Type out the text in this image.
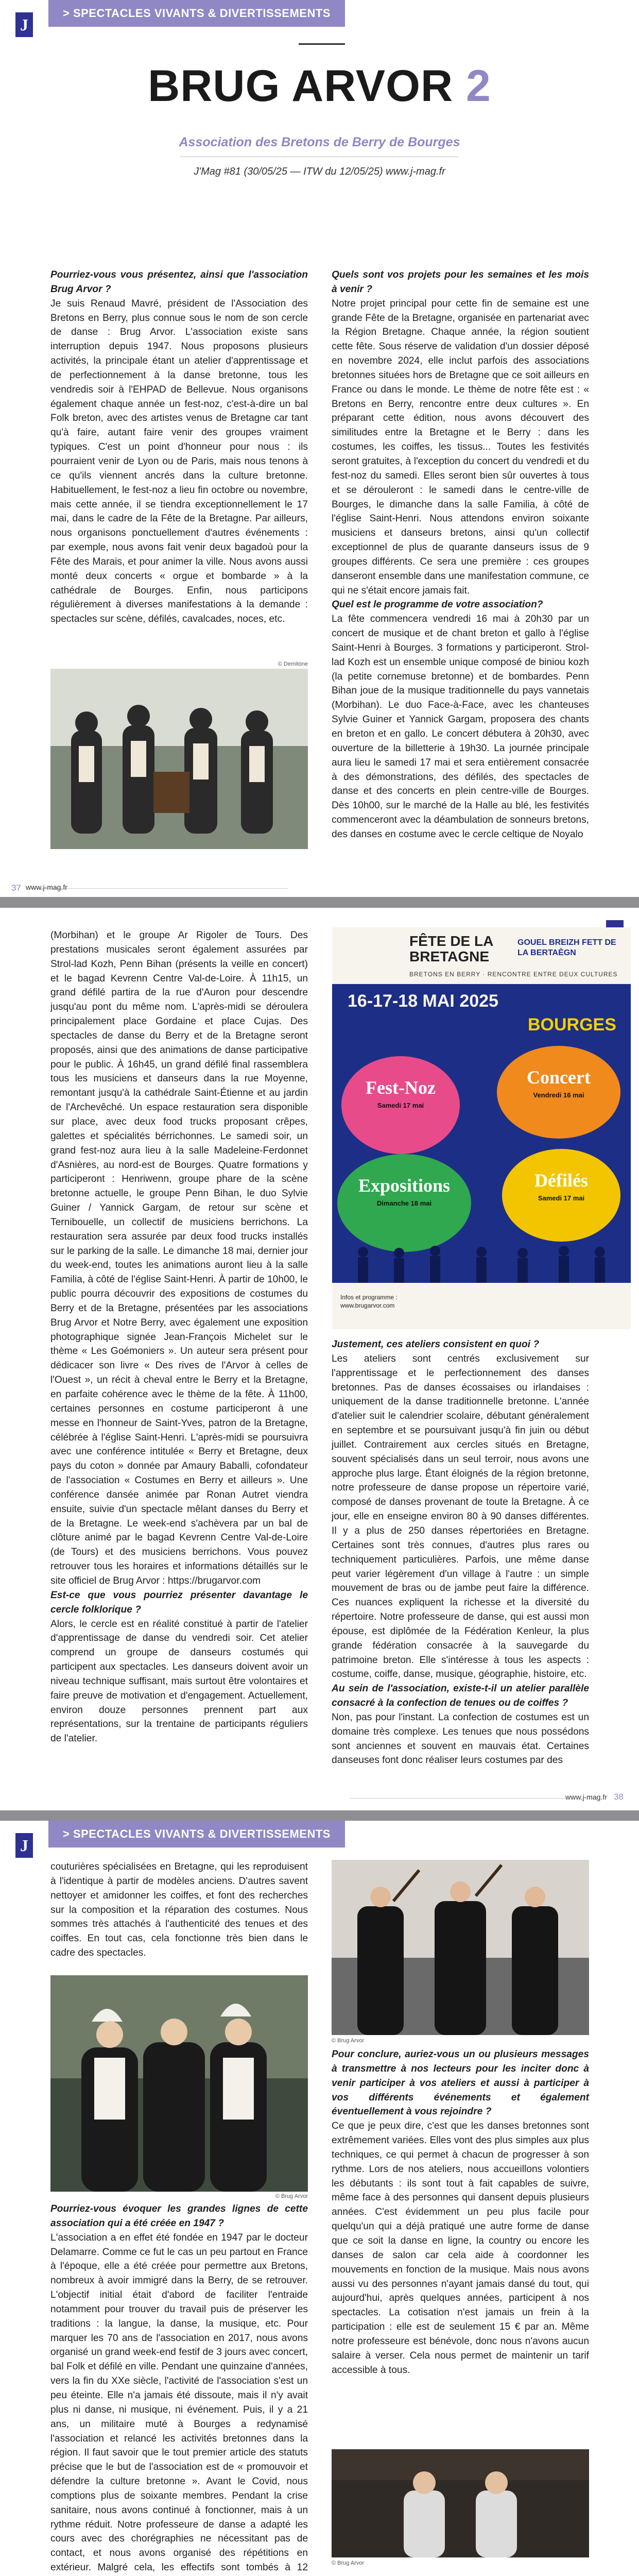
> SPECTACLES VIVANTS & DIVERTISSEMENTS
J
BRUG ARVOR 2
Association des Bretons de Berry de Bourges
J'Mag #81 (30/05/25 — ITW du 12/05/25) www.j-mag.fr

Pourriez-vous vous présentez, ainsi que l'association Brug Arvor ?

Je suis Renaud Mavré, président de l'Association des Bretons en Berry, plus connue sous le nom de son cercle de danse : Brug Arvor. L'association existe sans interruption depuis 1947. Nous proposons plusieurs activités, la principale étant un atelier d'apprentissage et de perfectionnement à la danse bretonne, tous les vendredis soir à l'EHPAD de Bellevue. Nous organisons également chaque année un fest-noz, c'est-à-dire un bal Folk breton, avec des artistes venus de Bretagne car tant qu'à faire, autant faire venir des groupes vraiment typiques. C'est un point d'honneur pour nous : ils pourraient venir de Lyon ou de Paris, mais nous tenons à ce qu'ils viennent ancrés dans la culture bretonne. Habituellement, le fest-noz a lieu fin octobre ou novembre, mais cette année, il se tiendra exceptionnellement le 17 mai, dans le cadre de la Fête de la Bretagne. Par ailleurs, nous organisons ponctuellement d'autres événements : par exemple, nous avons fait venir deux bagadoù pour la Fête des Marais, et pour animer la ville. Nous avons aussi monté deux concerts « orgue et bombarde » à la cathédrale de Bourges. Enfin, nous participons régulièrement à diverses manifestations à la demande : spectacles sur scène, défilés, cavalcades, noces, etc.

© Demitone

Quels sont vos projets pour les semaines et les mois à venir ?

Notre projet principal pour cette fin de semaine est une grande Fête de la Bretagne, organisée en partenariat avec la Région Bretagne. Chaque année, la région soutient cette fête. Sous réserve de validation d'un dossier déposé en novembre 2024, elle inclut parfois des associations bretonnes situées hors de Bretagne que ce soit ailleurs en France ou dans le monde. Le thème de notre fête est : « Bretons en Berry, rencontre entre deux cultures ». En préparant cette édition, nous avons découvert des similitudes entre la Bretagne et le Berry : dans les costumes, les coiffes, les tissus... Toutes les festivités seront gratuites, à l'exception du concert du vendredi et du fest-noz du samedi. Elles seront bien sûr ouvertes à tous et se dérouleront : le samedi dans le centre-ville de Bourges, le dimanche dans la salle Familia, à côté de l'église Saint-Henri. Nous attendons environ soixante musiciens et danseurs bretons, ainsi qu'un collectif exceptionnel de plus de quarante danseurs issus de 9 groupes différents. Ce sera une première : ces groupes danseront ensemble dans une manifestation commune, ce qui ne s'était encore jamais fait.

Quel est le programme de votre association?

La fête commencera vendredi 16 mai à 20h30 par un concert de musique et de chant breton et gallo à l'église Saint-Henri à Bourges. 3 formations y participeront. Strol-lad Kozh est un ensemble unique composé de biniou kozh (la petite cornemuse bretonne) et de bombardes. Penn Bihan joue de la musique traditionnelle du pays vannetais (Morbihan). Le duo Face-à-Face, avec les chanteuses Sylvie Guiner et Yannick Gargam, proposera des chants en breton et en gallo. Le concert débutera à 20h30, avec ouverture de la billetterie à 19h30. La journée principale aura lieu le samedi 17 mai et sera entièrement consacrée à des démonstrations, des défilés, des spectacles de danse et des concerts en plein centre-ville de Bourges. Dès 10h00, sur le marché de la Halle au blé, les festivités commenceront avec la déambulation de sonneurs bretons, des danses en costume avec le cercle celtique de Noyalo

37 www.j-mag.fr

(Morbihan) et le groupe Ar Rigoler de Tours. Des prestations musicales seront également assurées par Strol-lad Kozh, Penn Bihan (présents la veille en concert) et le bagad Kevrenn Centre Val-de-Loire. À 11h15, un grand défilé partira de la rue d'Auron pour descendre jusqu'au pont du même nom. L'après-midi se déroulera principalement place Gordaine et place Cujas. Des spectacles de danse du Berry et de la Bretagne seront proposés, ainsi que des animations de danse participative pour le public. À 16h45, un grand défilé final rassemblera tous les musiciens et danseurs dans la rue Moyenne, remontant jusqu'à la cathédrale Saint-Étienne et au jardin de l'Archevêché. Un espace restauration sera disponible sur place, avec deux food trucks proposant crêpes, galettes et spécialités bérrichonnes. Le samedi soir, un grand fest-noz aura lieu à la salle Madeleine-Ferdonnet d'Asnières, au nord-est de Bourges. Quatre formations y participeront : Henriwenn, groupe phare de la scène bretonne actuelle, le groupe Penn Bihan, le duo Sylvie Guiner / Yannick Gargam, de retour sur scène et Ternibouelle, un collectif de musiciens berrichons. La restauration sera assurée par deux food trucks installés sur le parking de la salle. Le dimanche 18 mai, dernier jour du week-end, toutes les animations auront lieu à la salle Familia, à côté de l'église Saint-Henri. À partir de 10h00, le public pourra découvrir des expositions de costumes du Berry et de la Bretagne, présentées par les associations Brug Arvor et Notre Berry, avec également une exposition photographique signée Jean-François Michelet sur le thème « Les Goémoniers ». Un auteur sera présent pour dédicacer son livre « Des rives de l'Arvor à celles de l'Ouest », un récit à cheval entre le Berry et la Bretagne, en parfaite cohérence avec le thème de la fête. À 11h00, certaines personnes en costume participeront à une messe en l'honneur de Saint-Yves, patron de la Bretagne, célébrée à l'église Saint-Henri. L'après-midi se poursuivra avec une conférence intitulée « Berry et Bretagne, deux pays du coton » donnée par Amaury Baballi, cofondateur de l'association « Costumes en Berry et ailleurs ». Une conférence dansée animée par Ronan Autret viendra ensuite, suivie d'un spectacle mêlant danses du Berry et de la Bretagne. Le week-end s'achèvera par un bal de clôture animé par le bagad Kevrenn Centre Val-de-Loire (de Tours) et des musiciens berrichons. Vous pouvez retrouver tous les horaires et informations détaillés sur le site officiel de Brug Arvor : https://brugarvor.com

Est-ce que vous pourriez présenter davantage le cercle folklorique ?

Alors, le cercle est en réalité constitué à partir de l'atelier d'apprentissage de danse du vendredi soir. Cet atelier comprend un groupe de danseurs costumés qui participent aux spectacles. Les danseurs doivent avoir un niveau technique suffisant, mais surtout être volontaires et faire preuve de motivation et d'engagement. Actuellement, environ douze personnes prennent part aux représentations, sur la trentaine de participants réguliers de l'atelier.

FÊTE DE LA BRETAGNE
GOUEL BREIZH FETT DE LA BERTAÈGN
BRETONS EN BERRY · RENCONTRE ENTRE DEUX CULTURES
16-17-18 MAI 2025
BOURGES
Fest-Noz
Samedi 17 mai
Concert
Vendredi 16 mai
Expositions
Dimanche 18 mai
Défilés
Samedi 17 mai
Infos et programme : www.brugarvor.com

Justement, ces ateliers consistent en quoi ?

Les ateliers sont centrés exclusivement sur l'apprentissage et le perfectionnement des danses bretonnes. Pas de danses écossaises ou irlandaises : uniquement de la danse traditionnelle bretonne. L'année d'atelier suit le calendrier scolaire, débutant généralement en septembre et se poursuivant jusqu'à fin juin ou début juillet. Contrairement aux cercles situés en Bretagne, souvent spécialisés dans un seul terroir, nous avons une approche plus large. Étant éloignés de la région bretonne, notre professeure de danse propose un répertoire varié, composé de danses provenant de toute la Bretagne. À ce jour, elle en enseigne environ 80 à 90 danses différentes. Il y a plus de 250 danses répertoriées en Bretagne. Certaines sont très connues, d'autres plus rares ou techniquement particulières. Parfois, une même danse peut varier légèrement d'un village à l'autre : un simple mouvement de bras ou de jambe peut faire la différence. Ces nuances expliquent la richesse et la diversité du répertoire. Notre professeure de danse, qui est aussi mon épouse, est diplômée de la Fédération Kenleur, la plus grande fédération consacrée à la sauvegarde du patrimoine breton. Elle s'intéresse à tous les aspects : costume, coiffe, danse, musique, géographie, histoire, etc.

Au sein de l'association, existe-t-il un atelier parallèle consacré à la confection de tenues ou de coiffes ?

Non, pas pour l'instant. La confection de costumes est un domaine très complexe. Les tenues que nous possédons sont anciennes et souvent en mauvais état. Certaines danseuses font donc réaliser leurs costumes par des

www.j-mag.fr 38
> SPECTACLES VIVANTS & DIVERTISSEMENTS
J

couturières spécialisées en Bretagne, qui les reproduisent à l'identique à partir de modèles anciens. D'autres savent nettoyer et amidonner les coiffes, et font des recherches sur la composition et la réparation des costumes. Nous sommes très attachés à l'authenticité des tenues et des coiffes. En tout cas, cela fonctionne très bien dans le cadre des spectacles.

© Brug Arvor

Pourriez-vous évoquer les grandes lignes de cette association qui a été créée en 1947 ?

L'association a en effet été fondée en 1947 par le docteur Delamarre. Comme ce fut le cas un peu partout en France à l'époque, elle a été créée pour permettre aux Bretons, nombreux à avoir immigré dans la Berry, de se retrouver. L'objectif initial était d'abord de faciliter l'entraide notamment pour trouver du travail puis de préserver les traditions : la langue, la danse, la musique, etc. Pour marquer les 70 ans de l'association en 2017, nous avons organisé un grand week-end festif de 3 jours avec concert, bal Folk et défilé en ville. Pendant une quinzaine d'années, vers la fin du XXe siècle, l'activité de l'association s'est un peu éteinte. Elle n'a jamais été dissoute, mais il n'y avait plus ni danse, ni musique, ni événement. Puis, il y a 21 ans, un militaire muté à Bourges a redynamisé l'association et relancé les activités bretonnes dans la région. Il faut savoir que le tout premier article des statuts précise que le but de l'association est de « promouvoir et défendre la culture bretonne ». Avant le Covid, nous comptions plus de soixante membres. Pendant la crise sanitaire, nous avons continué à fonctionner, mais à un rythme réduit. Notre professeure de danse a adapté les cours avec des chorégraphies ne nécessitant pas de contact, et nous avons organisé des répétitions en extérieur. Malgré cela, les effectifs sont tombés à 12

© Brug Arvor

Pour conclure, auriez-vous un ou plusieurs messages à transmettre à nos lecteurs pour les inciter donc à venir participer à vos ateliers et aussi à participer à vos différents événements et également éventuellement à vous rejoindre ?

Ce que je peux dire, c'est que les danses bretonnes sont extrêmement variées. Elles vont des plus simples aux plus techniques, ce qui permet à chacun de progresser à son rythme. Lors de nos ateliers, nous accueillons volontiers les débutants : ils sont tout à fait capables de suivre, même face à des personnes qui dansent depuis plusieurs années. C'est évidemment un peu plus facile pour quelqu'un qui a déjà pratiqué une autre forme de danse que ce soit la danse en ligne, la country ou encore les danses de salon car cela aide à coordonner les mouvements en fonction de la musique. Mais nous avons aussi vu des personnes n'ayant jamais dansé du tout, qui aujourd'hui, après quelques années, participent à nos spectacles. La cotisation n'est jamais un frein à la participation : elle est de seulement 15 € par an. Même notre professeure est bénévole, donc nous n'avons aucun salaire à verser. Cela nous permet de maintenir un tarif accessible à tous.

© Brug Arvor
